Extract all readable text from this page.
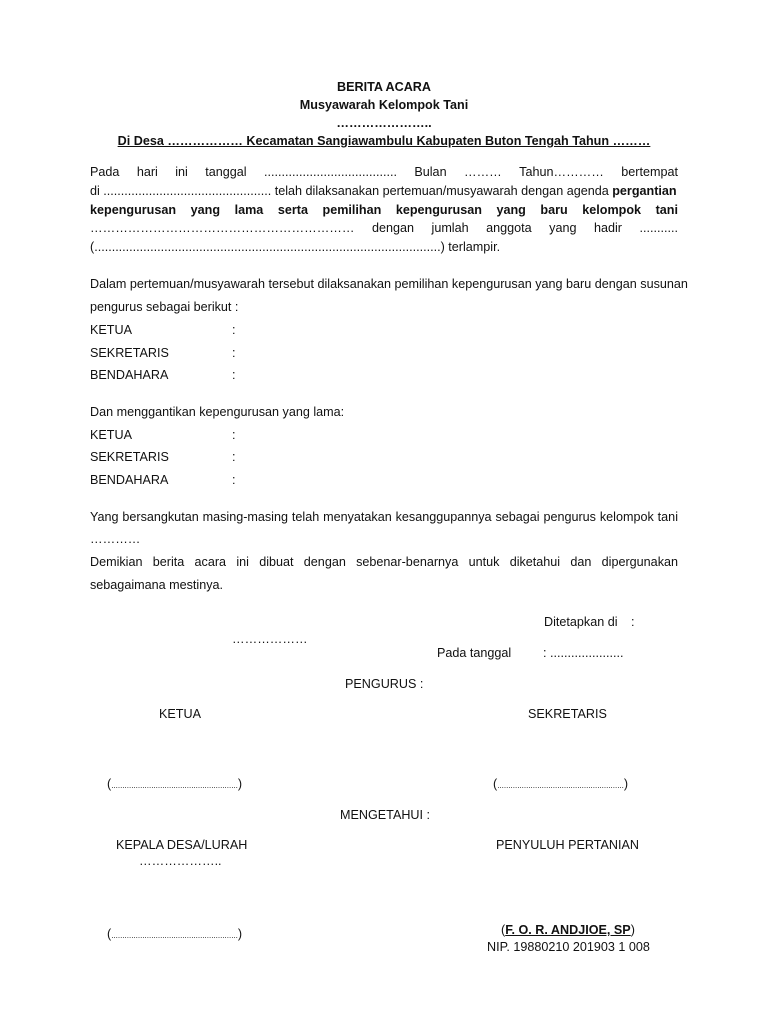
BERITA ACARA
Musyawarah Kelompok Tani
…………………..
Di Desa ……………… Kecamatan Sangiawambulu Kabupaten Buton Tengah Tahun ………
Pada hari ini tanggal ...................................... Bulan ……… Tahun………… bertempat
di ................................................ telah dilaksanakan pertemuan/musyawarah dengan agenda pergantian
kepengurusan yang lama serta pemilihan kepengurusan yang baru kelompok tani
……………………………………………………… dengan jumlah anggota yang hadir ...........
(...................................................................................................) terlampir.
Dalam pertemuan/musyawarah tersebut dilaksanakan pemilihan kepengurusan yang baru dengan susunan
pengurus sebagai berikut :
KETUA	:
SEKRETARIS	:
BENDAHARA	:
Dan menggantikan kepengurusan yang lama:
KETUA	:
SEKRETARIS	:
BENDAHARA	:
Yang bersangkutan masing-masing telah menyatakan kesanggupannya sebagai pengurus kelompok tani
…………
Demikian berita acara ini dibuat dengan sebenar-benarnya untuk diketahui dan dipergunakan
sebagaimana mestinya.
Ditetapkan di :
………………
Pada tanggal	: .....................
PENGURUS :
KETUA	SEKRETARIS
(.........................................................)	(.........................................................)
MENGETAHUI :
KEPALA DESA/LURAH
………………..
PENYULUH PERTANIAN
(.........................................................)	(F. O. R. ANDJIOE, SP)
NIP. 19880210 201903 1 008
